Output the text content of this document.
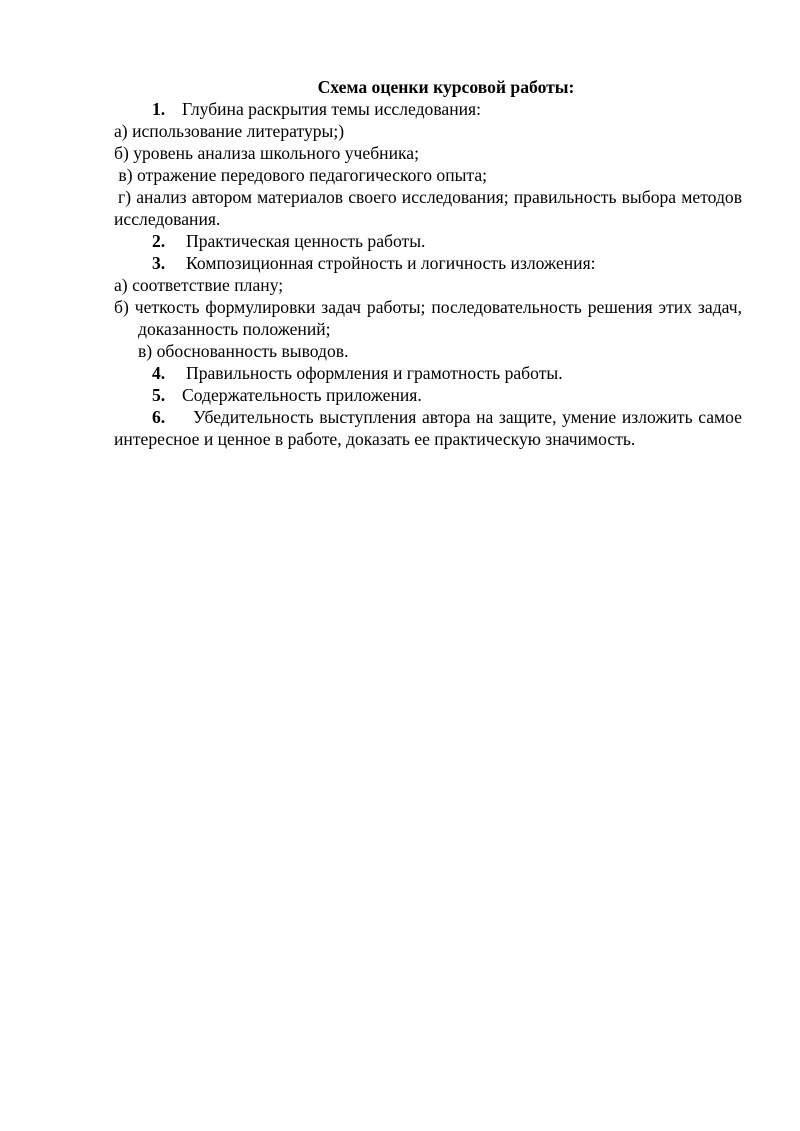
Схема оценки курсовой работы:

1. Глубина раскрытия темы исследования:

а) использование литературы;)

б) уровень анализа школьного учебника;

в) отражение передового педагогического опыта;

г) анализ автором материалов своего исследования; правильность выбора методов исследования.

2. Практическая ценность работы.

3. Композиционная стройность и логичность изложения:

а) соответствие плану;

б) четкость формулировки задач работы; последовательность решения этих задач, доказанность положений;

в) обоснованность выводов.

4. Правильность оформления и грамотность работы.

5. Содержательность приложения.

6. Убедительность выступления автора на защите, умение изложить самое интересное и ценное в работе, доказать ее практическую значимость.
